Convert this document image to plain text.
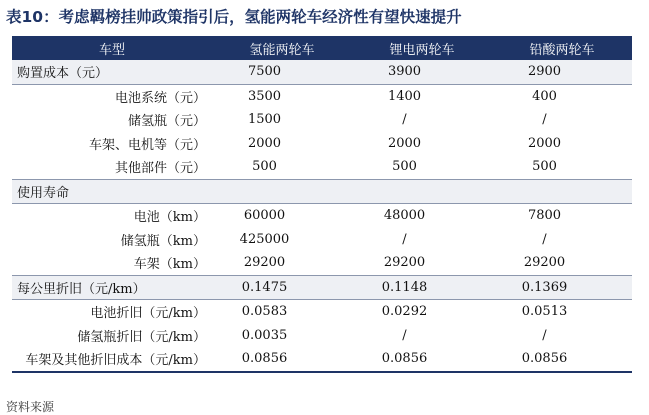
表10：考虑羁榜挂帅政策指引后，氢能两轮车经济性有望快速提升
车型	氢能两轮车	锂电两轮车	铅酸两轮车
购置成本（元）	7500	3900	2900
电池系统（元）	3500	1400	400
储氢瓶（元）	1500	/	/
车架、电机等（元）	2000	2000	2000
其他部件（元）	500	500	500
使用寿命			
电池（km）	60000	48000	7800
储氢瓶（km）	425000	/	/
车架（km）	29200	29200	29200
每公里折旧（元/km）	0.1475	0.1148	0.1369
电池折旧（元/km）	0.0583	0.0292	0.0513
储氢瓶折旧（元/km）	0.0035	/	/
车架及其他折旧成本（元/km）	0.0856	0.0856	0.0856
资料来源
